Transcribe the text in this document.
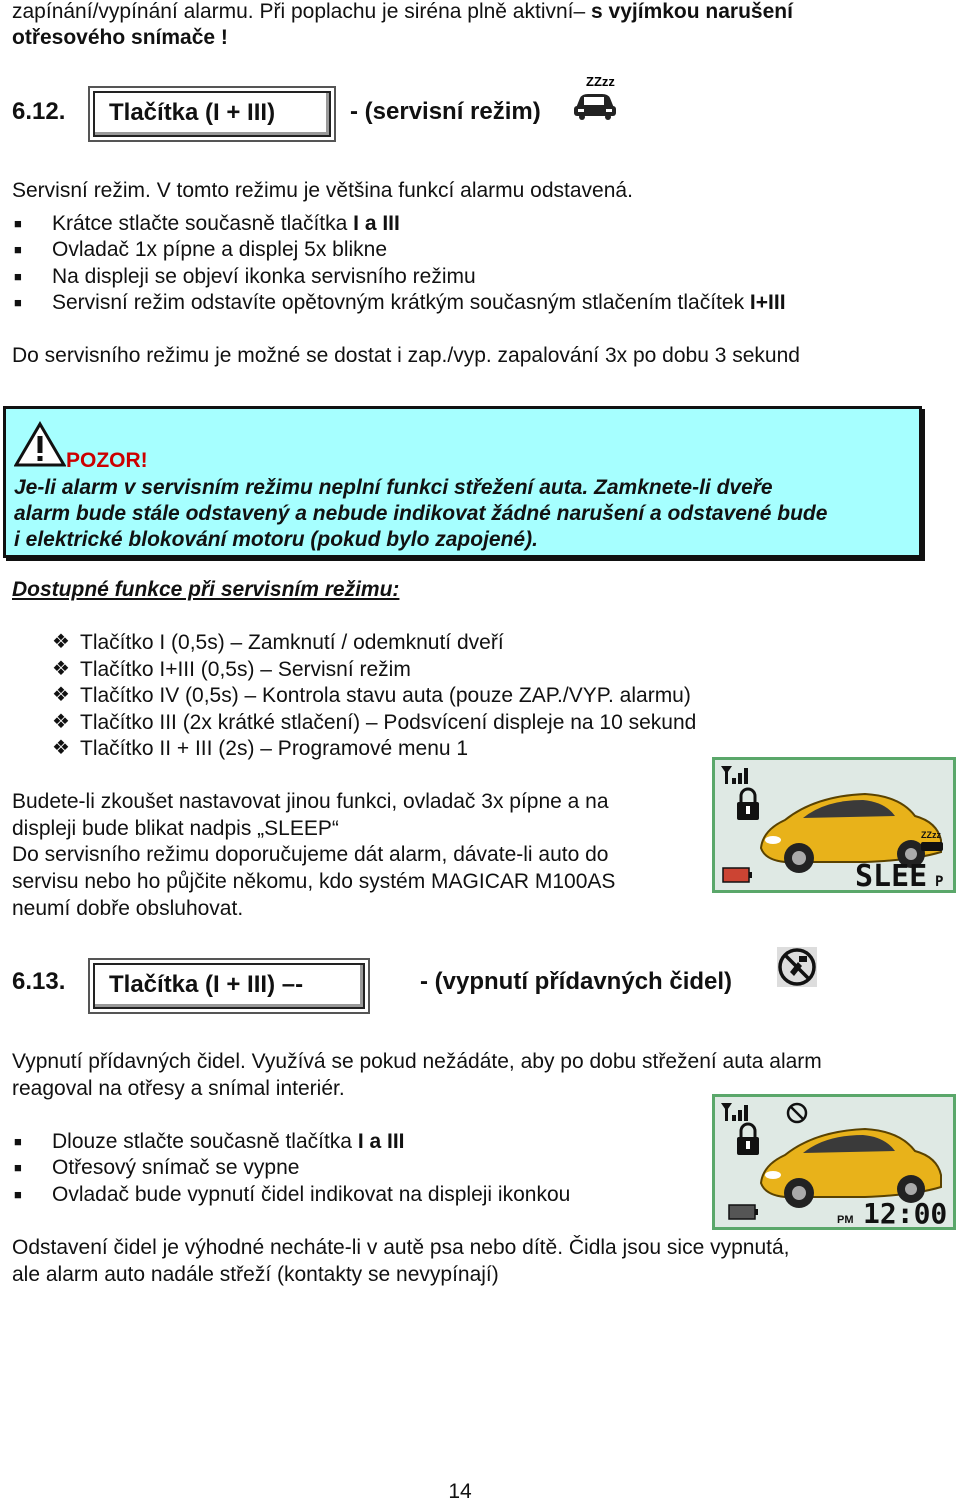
zapínání/vypínání alarmu. Při poplachu je siréna plně aktivní– s vyjímkou narušení
otřesového snímače !
6.12.	Tlačítka (I + III)	- (servisní režim)
ZZzz
Servisní režim. V tomto režimu je většina funkcí alarmu odstavená.
■ Krátce stlačte současně tlačítka I a III
■ Ovladač 1x pípne a displej 5x blikne
■ Na displeji se objeví ikonka servisního režimu
■ Servisní režim odstavíte opětovným krátkým současným stlačením tlačítek I+III
Do servisního režimu je možné se dostat i zap./vyp. zapalování 3x po dobu 3 sekund
POZOR!
Je-li alarm v servisním režimu neplní funkci střežení auta. Zamknete-li dveře
alarm bude stále odstavený a nebude indikovat žádné narušení a odstavené bude
i elektrické blokování motoru (pokud bylo zapojené).
Dostupné funkce při servisním režimu:
❖ Tlačítko I (0,5s) – Zamknutí / odemknutí dveří
❖ Tlačítko I+III (0,5s) – Servisní režim
❖ Tlačítko IV (0,5s) – Kontrola stavu auta (pouze ZAP./VYP. alarmu)
❖ Tlačítko III (2x krátké stlačení) – Podsvícení displeje na 10 sekund
❖ Tlačítko II + III (2s) – Programové menu 1
Budete-li zkoušet nastavovat jinou funkci, ovladač 3x pípne a na
displeji bude blikat nadpis „SLEEP“
Do servisního režimu doporučujeme dát alarm, dávate-li auto do
servisu nebo ho půjčite někomu, kdo systém MAGICAR M100AS
neumí dobře obsluhovat.
ZZzz
SLEE P
6.13.	Tlačítka (I + III) –-	- (vypnutí přídavných čidel)
Vypnutí přídavných čidel. Využívá se pokud nežádáte, aby po dobu střežení auta alarm
reagoval na otřesy a snímal interiér.
■ Dlouze stlačte současně tlačítka I a III
■ Otřesový snímač se vypne
■ Ovladač bude vypnutí čidel indikovat na displeji ikonkou
PM 12:00
Odstavení čidel je výhodné necháte-li v autě psa nebo dítě. Čidla jsou sice vypnutá,
ale alarm auto nadále střeží (kontakty se nevypínají)
14
